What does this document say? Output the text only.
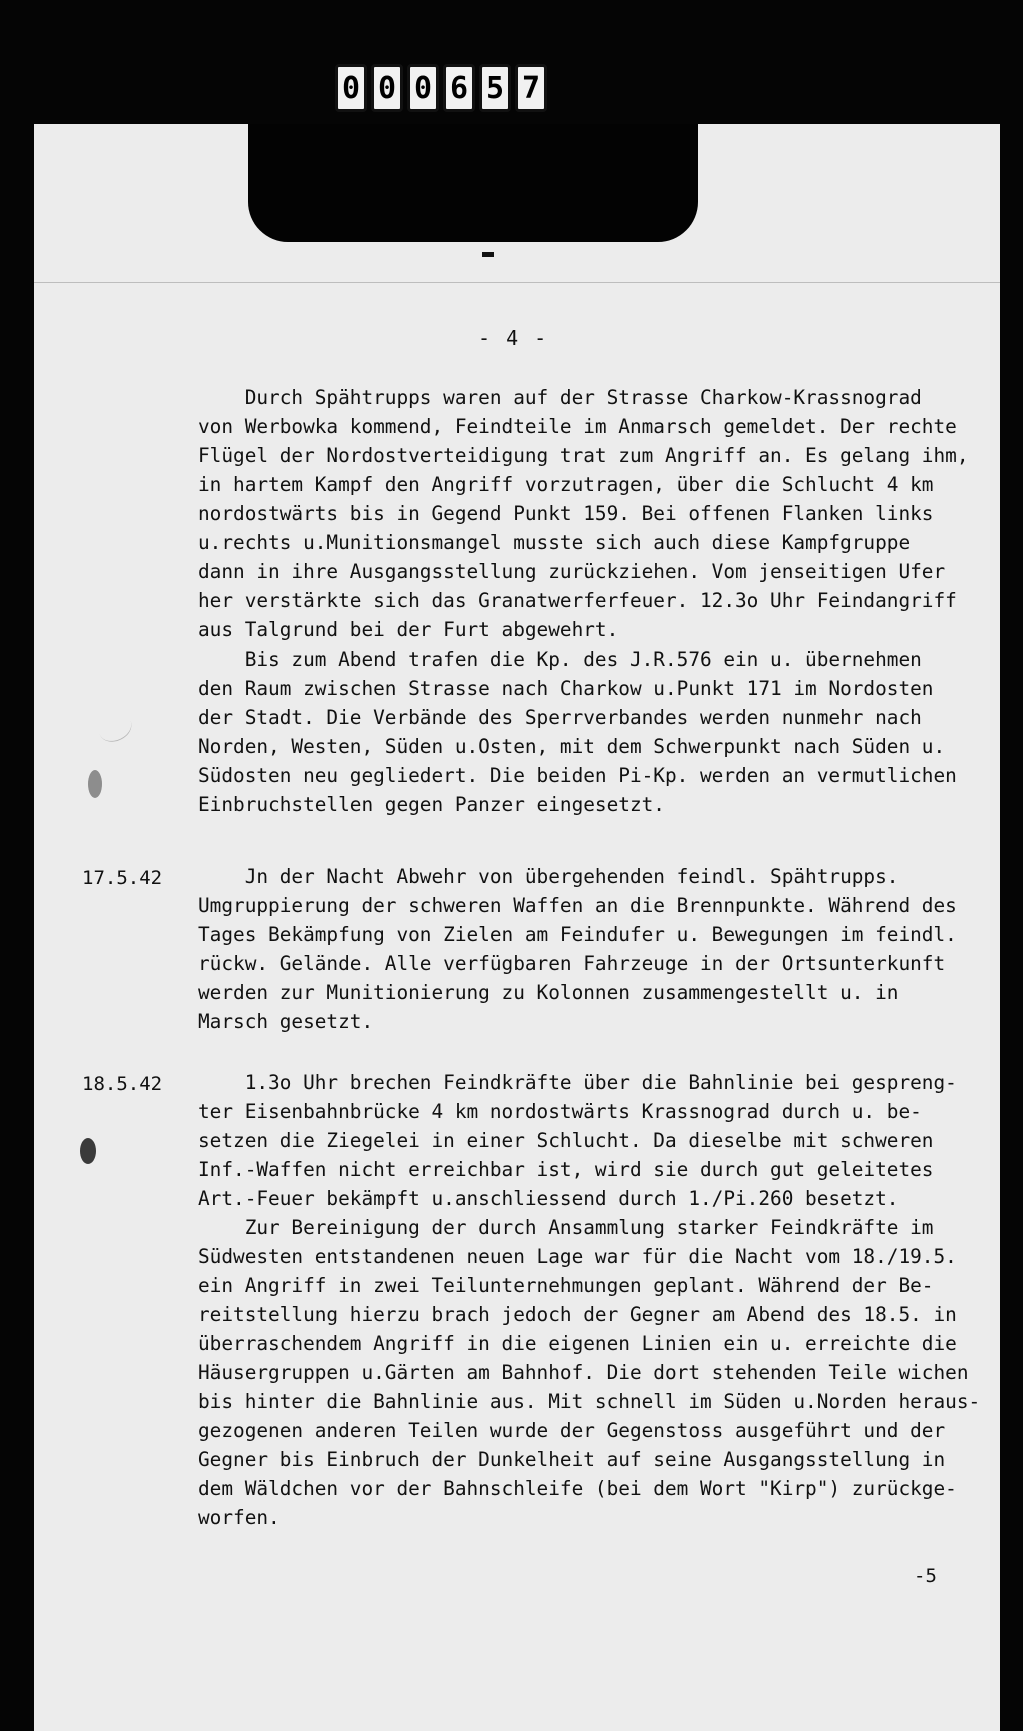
0 0 0 6 5 7
- 4 -

Durch Spähtrupps waren auf der Strasse Charkow-Krassnograd
von Werbowka kommend, Feindteile im Anmarsch gemeldet. Der rechte
Flügel der Nordostverteidigung trat zum Angriff an. Es gelang ihm,
in hartem Kampf den Angriff vorzutragen, über die Schlucht 4 km
nordostwärts bis in Gegend Punkt 159. Bei offenen Flanken links
u.rechts u.Munitionsmangel musste sich auch diese Kampfgruppe
dann in ihre Ausgangsstellung zurückziehen. Vom jenseitigen Ufer
her verstärkte sich das Granatwerferfeuer. 12.3o Uhr Feindangriff
aus Talgrund bei der Furt abgewehrt.

Bis zum Abend trafen die Kp. des J.R.576 ein u. übernehmen
den Raum zwischen Strasse nach Charkow u.Punkt 171 im Nordosten
der Stadt. Die Verbände des Sperrverbandes werden nunmehr nach
Norden, Westen, Süden u.Osten, mit dem Schwerpunkt nach Süden u.
Südosten neu gegliedert. Die beiden Pi-Kp. werden an vermutlichen
Einbruchstellen gegen Panzer eingesetzt.

17.5.42	Jn der Nacht Abwehr von übergehenden feindl. Spähtrupps.
Umgruppierung der schweren Waffen an die Brennpunkte. Während des
Tages Bekämpfung von Zielen am Feindufer u. Bewegungen im feindl.
rückw. Gelände. Alle verfügbaren Fahrzeuge in der Ortsunterkunft
werden zur Munitionierung zu Kolonnen zusammengestellt u. in
Marsch gesetzt.

18.5.42	1.3o Uhr brechen Feindkräfte über die Bahnlinie bei gespreng-
ter Eisenbahnbrücke 4 km nordostwärts Krassnograd durch u. be-
setzen die Ziegelei in einer Schlucht. Da dieselbe mit schweren
Inf.-Waffen nicht erreichbar ist, wird sie durch gut geleitetes
Art.-Feuer bekämpft u.anschliessend durch 1./Pi.260 besetzt.

Zur Bereinigung der durch Ansammlung starker Feindkräfte im
Südwesten entstandenen neuen Lage war für die Nacht vom 18./19.5.
ein Angriff in zwei Teilunternehmungen geplant. Während der Be-
reitstellung hierzu brach jedoch der Gegner am Abend des 18.5. in
überraschendem Angriff in die eigenen Linien ein u. erreichte die
Häusergruppen u.Gärten am Bahnhof. Die dort stehenden Teile wichen
bis hinter die Bahnlinie aus. Mit schnell im Süden u.Norden heraus-
gezogenen anderen Teilen wurde der Gegenstoss ausgeführt und der
Gegner bis Einbruch der Dunkelheit auf seine Ausgangsstellung in
dem Wäldchen vor der Bahnschleife (bei dem Wort "Kirp") zurückge-
worfen.

-5
